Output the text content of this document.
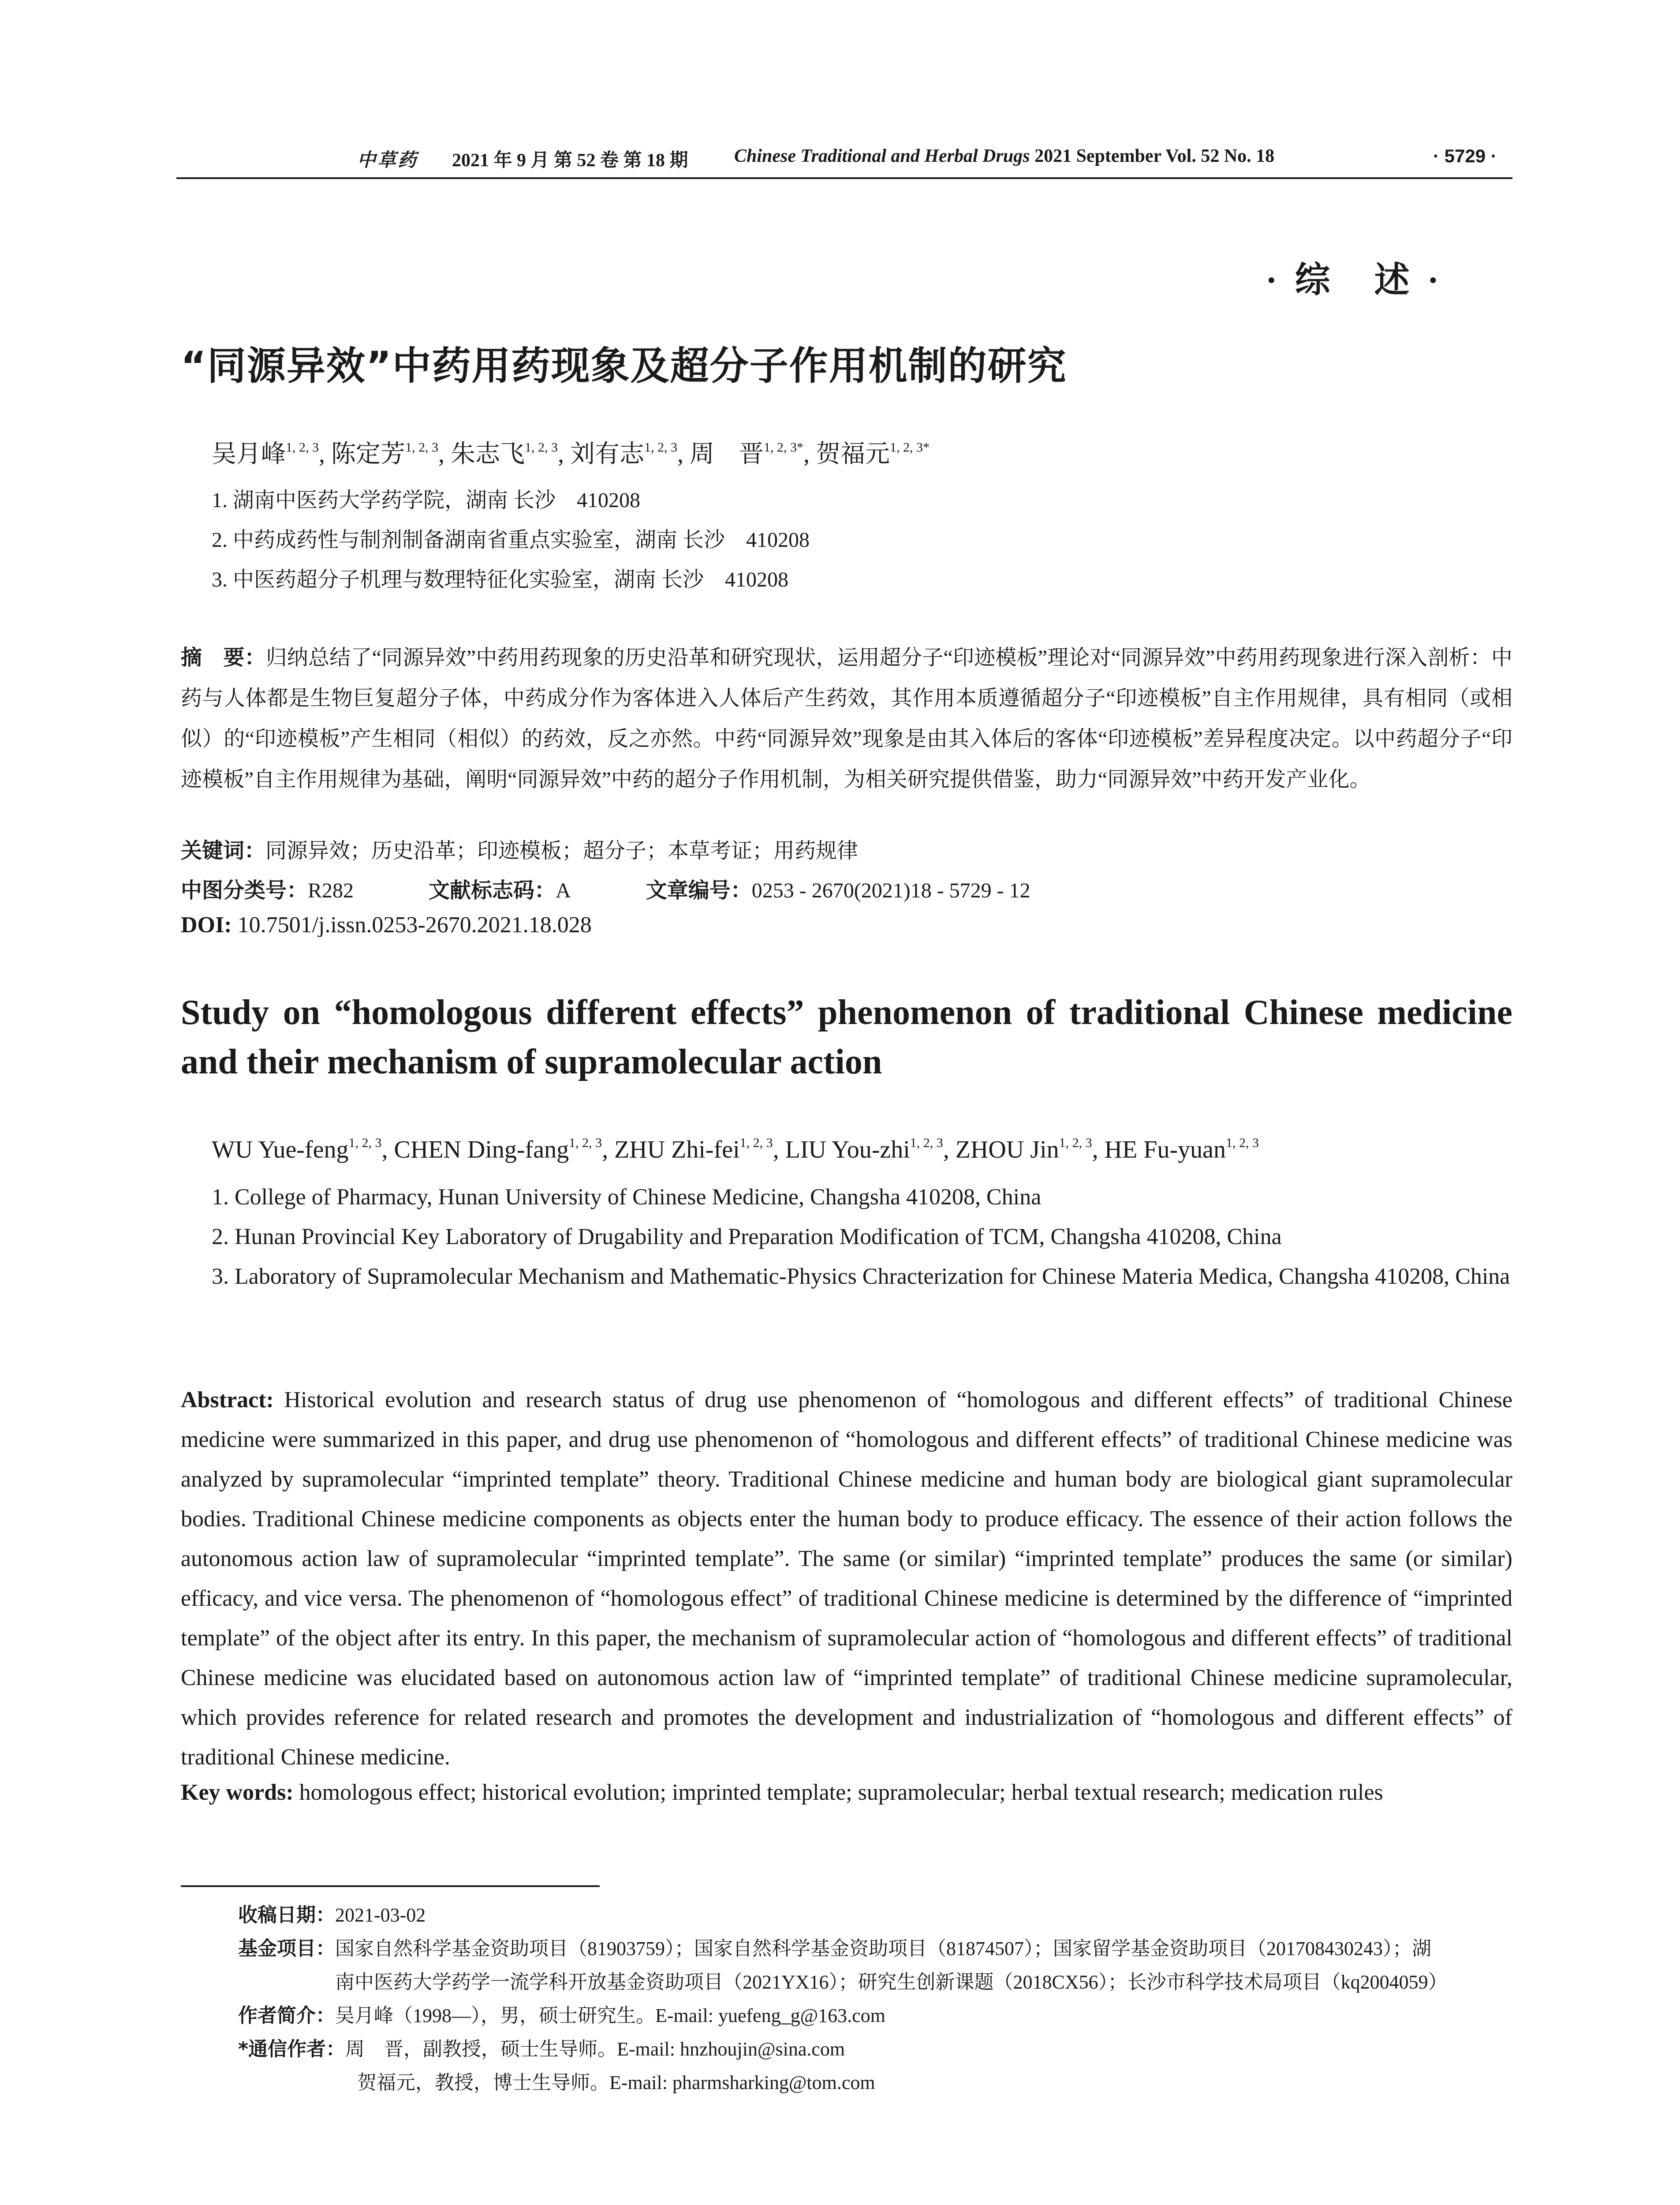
中草药 2021 年 9 月 第 52 卷 第 18 期 Chinese Traditional and Herbal Drugs 2021 September Vol. 52 No. 18	· 5729 ·
· 综　述 ·
“同源异效”中药用药现象及超分子作用机制的研究
吴月峰$^{1, 2, 3}$, 陈定芳$^{1, 2, 3}$, 朱志飞$^{1, 2, 3}$, 刘有志$^{1, 2, 3}$, 周　晋$^{1, 2, 3*}$, 贺福元$^{1, 2, 3*}$
1. 湖南中医药大学药学院，湖南 长沙　410208
2. 中药成药性与制剂制备湖南省重点实验室，湖南 长沙　410208
3. 中医药超分子机理与数理特征化实验室，湖南 长沙　410208
摘　要：归纳总结了“同源异效”中药用药现象的历史沿革和研究现状，运用超分子“印迹模板”理论对“同源异效”中药用药现象进行深入剖析：中药与人体都是生物巨复超分子体，中药成分作为客体进入人体后产生药效，其作用本质遵循超分子“印迹模板”自主作用规律，具有相同（或相似）的“印迹模板”产生相同（相似）的药效，反之亦然。中药“同源异效”现象是由其入体后的客体“印迹模板”差异程度决定。以中药超分子“印迹模板”自主作用规律为基础，阐明“同源异效”中药的超分子作用机制，为相关研究提供借鉴，助力“同源异效”中药开发产业化。
关键词：同源异效；历史沿革；印迹模板；超分子；本草考证；用药规律
中图分类号：R282	文献标志码：A	文章编号：0253 - 2670(2021)18 - 5729 - 12
DOI: 10.7501/j.issn.0253-2670.2021.18.028
Study on “homologous different effects” phenomenon of traditional Chinese medicine and their mechanism of supramolecular action
WU Yue-feng$^{1, 2, 3}$, CHEN Ding-fang$^{1, 2, 3}$, ZHU Zhi-fei$^{1, 2, 3}$, LIU You-zhi$^{1, 2, 3}$, ZHOU Jin$^{1, 2, 3}$, HE Fu-yuan$^{1, 2, 3}$
1. College of Pharmacy, Hunan University of Chinese Medicine, Changsha 410208, China
2. Hunan Provincial Key Laboratory of Drugability and Preparation Modification of TCM, Changsha 410208, China
3. Laboratory of Supramolecular Mechanism and Mathematic-Physics Chracterization for Chinese Materia Medica, Changsha 410208, China
Abstract: Historical evolution and research status of drug use phenomenon of “homologous and different effects” of traditional Chinese medicine were summarized in this paper, and drug use phenomenon of “homologous and different effects” of traditional Chinese medicine was analyzed by supramolecular “imprinted template” theory. Traditional Chinese medicine and human body are biological giant supramolecular bodies. Traditional Chinese medicine components as objects enter the human body to produce efficacy. The essence of their action follows the autonomous action law of supramolecular “imprinted template”. The same (or similar) “imprinted template” produces the same (or similar) efficacy, and vice versa. The phenomenon of “homologous effect” of traditional Chinese medicine is determined by the difference of “imprinted template” of the object after its entry. In this paper, the mechanism of supramolecular action of “homologous and different effects” of traditional Chinese medicine was elucidated based on autonomous action law of “imprinted template” of traditional Chinese medicine supramolecular, which provides reference for related research and promotes the development and industrialization of “homologous and different effects” of traditional Chinese medicine.
Key words: homologous effect; historical evolution; imprinted template; supramolecular; herbal textual research; medication rules
收稿日期： 2021-03-02
基金项目： 国家自然科学基金资助项目（81903759）；国家自然科学基金资助项目（81874507）；国家留学基金资助项目（201708430243）；湖
南中医药大学药学一流学科开放基金资助项目（2021YX16）；研究生创新课题（2018CX56）；长沙市科学技术局项目（kq2004059）
作者简介： 吴月峰（1998—），男，硕士研究生。E-mail: yuefeng_g@163.com
*通信作者： 周　晋，副教授，硕士生导师。E-mail: hnzhoujin@sina.com
贺福元，教授，博士生导师。E-mail: pharmsharking@tom.com
